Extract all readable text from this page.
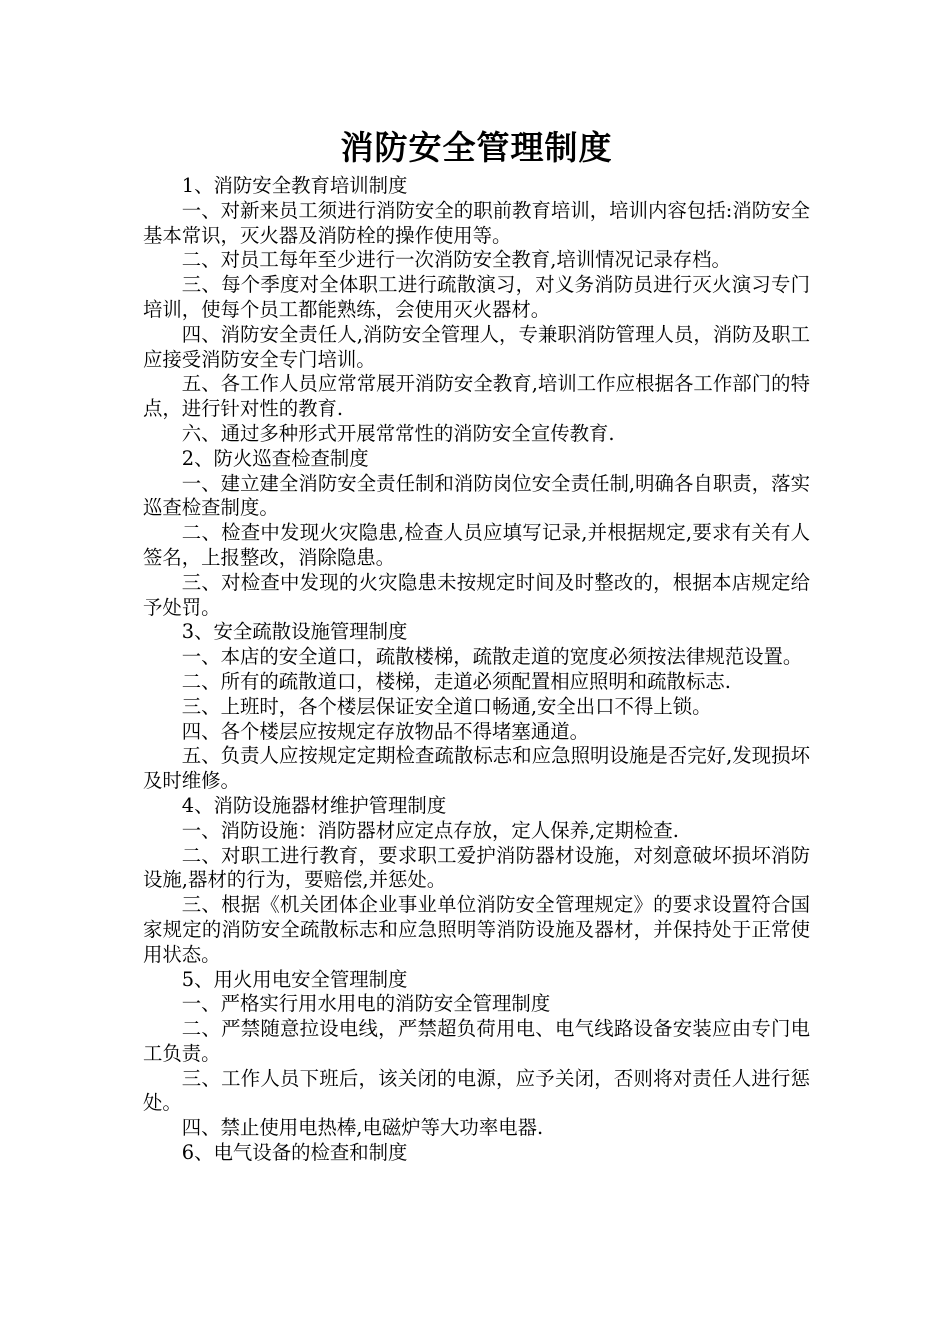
消防安全管理制度

1、消防安全教育培训制度

一、对新来员工须进行消防安全的职前教育培训，培训内容包括:消防安全基本常识，灭火器及消防栓的操作使用等。

二、对员工每年至少进行一次消防安全教育,培训情况记录存档。

三、每个季度对全体职工进行疏散演习，对义务消防员进行灭火演习专门培训，使每个员工都能熟练，会使用灭火器材。

四、消防安全责任人,消防安全管理人，专兼职消防管理人员，消防及职工应接受消防安全专门培训。

五、各工作人员应常常展开消防安全教育,培训工作应根据各工作部门的特点，进行针对性的教育.

六、通过多种形式开展常常性的消防安全宣传教育.

2、防火巡查检查制度

一、建立建全消防安全责任制和消防岗位安全责任制,明确各自职责，落实巡查检查制度。

二、检查中发现火灾隐患,检查人员应填写记录,并根据规定,要求有关有人签名，上报整改，消除隐患。

三、对检查中发现的火灾隐患未按规定时间及时整改的，根据本店规定给予处罚。

3、安全疏散设施管理制度

一、本店的安全道口，疏散楼梯，疏散走道的宽度必须按法律规范设置。

二、所有的疏散道口，楼梯，走道必须配置相应照明和疏散标志.

三、上班时，各个楼层保证安全道口畅通,安全出口不得上锁。

四、各个楼层应按规定存放物品不得堵塞通道。

五、负责人应按规定定期检查疏散标志和应急照明设施是否完好,发现损坏及时维修。

4、消防设施器材维护管理制度

一、消防设施：消防器材应定点存放，定人保养,定期检查.

二、对职工进行教育，要求职工爱护消防器材设施，对刻意破坏损坏消防设施,器材的行为，要赔偿,并惩处。

三、根据《机关团体企业事业单位消防安全管理规定》的要求设置符合国家规定的消防安全疏散标志和应急照明等消防设施及器材，并保持处于正常使用状态。

5、用火用电安全管理制度

一、严格实行用水用电的消防安全管理制度

二、严禁随意拉设电线，严禁超负荷用电、电气线路设备安装应由专门电工负责。

三、工作人员下班后，该关闭的电源，应予关闭，否则将对责任人进行惩处。

四、禁止使用电热棒,电磁炉等大功率电器.

6、电气设备的检查和制度
